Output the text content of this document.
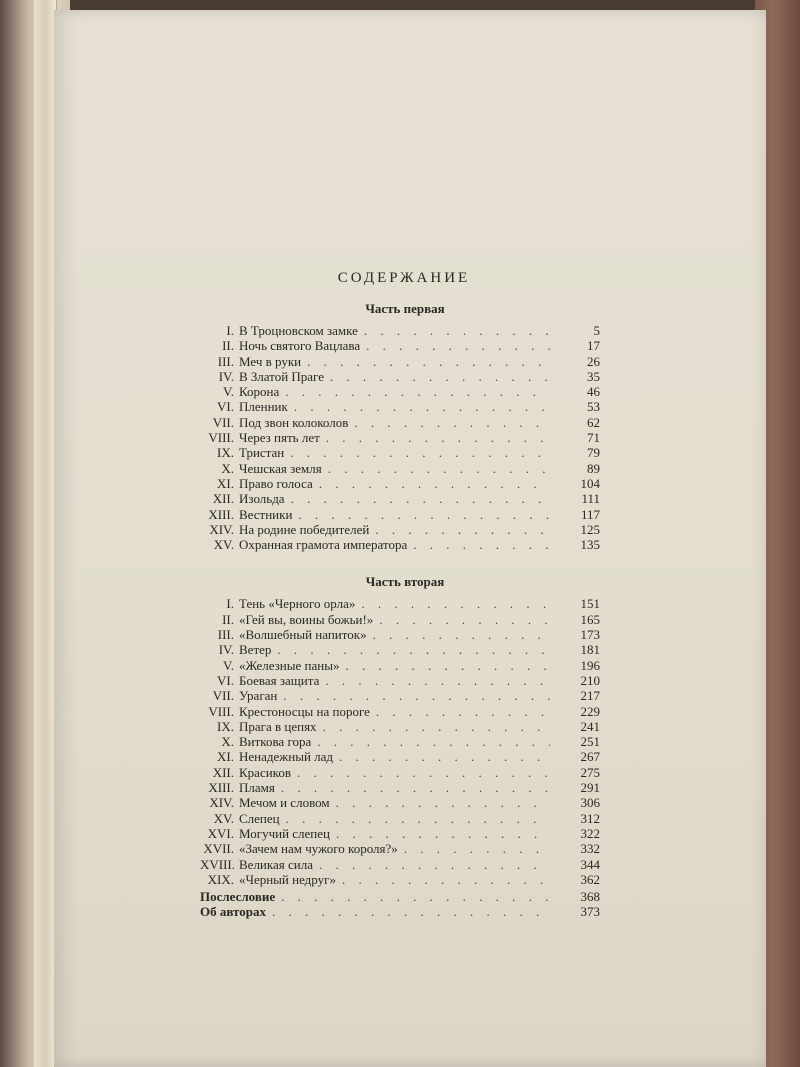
СОДЕРЖАНИЕ
Часть первая
I. В Троцновском замке . . .	5
II. Ночь святого Вацлава . . .	17
III. Меч в руки . . .	26
IV. В Златой Праге . . .	35
V. Корона . . .	46
VI. Пленник . . .	53
VII. Под звон колоколов . . .	62
VIII. Через пять лет . . .	71
IX. Тристан . . .	79
X. Чешская земля . . .	89
XI. Право голоса . . .	104
XII. Изольда . . .	111
XIII. Вестники . . .	117
XIV. На родине победителей . . .	125
XV. Охранная грамота императора . . .	135
Часть вторая
I. Тень «Черного орла» . . .	151
II. «Гей вы, воины божьи!» . . .	165
III. «Волшебный напиток» . . .	173
IV. Ветер . . .	181
V. «Железные паны» . . .	196
VI. Боевая защита . . .	210
VII. Ураган . . .	217
VIII. Крестоносцы на пороге . . .	229
IX. Прага в цепях . . .	241
X. Виткова гора . . .	251
XI. Ненадежный лад . . .	267
XII. Красиков . . .	275
XIII. Пламя . . .	291
XIV. Мечом и словом . . .	306
XV. Слепец . . .	312
XVI. Могучий слепец . . .	322
XVII. «Зачем нам чужого короля?» . . .	332
XVIII. Великая сила . . .	344
XIX. «Черный недруг» . . .	362
Послесловие . . .	368
Об авторах . . .	373
